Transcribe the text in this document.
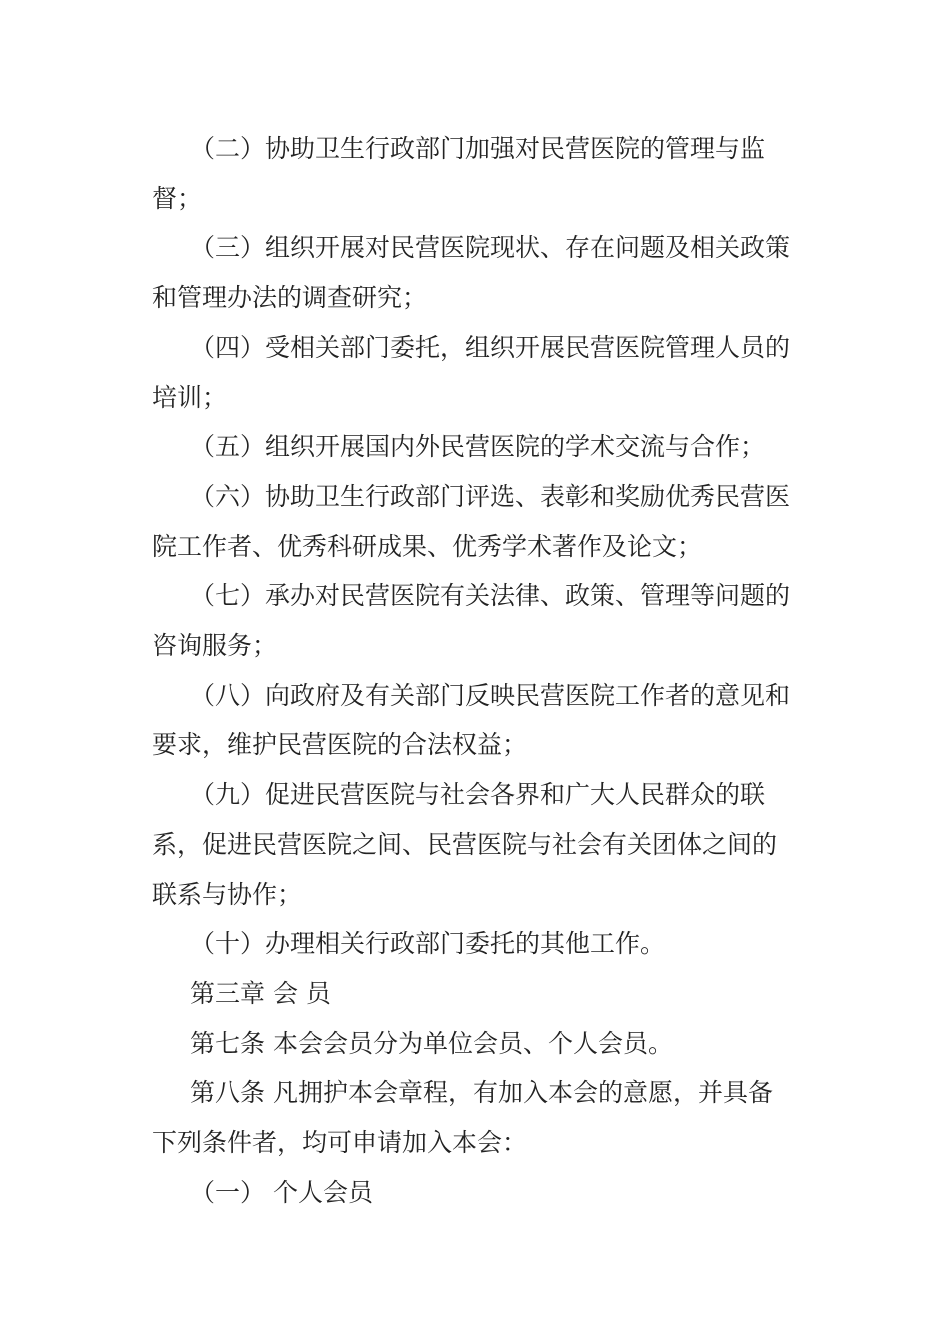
（二）协助卫生行政部门加强对民营医院的管理与监督；

（三）组织开展对民营医院现状、存在问题及相关政策和管理办法的调查研究；

（四）受相关部门委托，组织开展民营医院管理人员的培训；

（五）组织开展国内外民营医院的学术交流与合作；

（六）协助卫生行政部门评选、表彰和奖励优秀民营医院工作者、优秀科研成果、优秀学术著作及论文；

（七）承办对民营医院有关法律、政策、管理等问题的咨询服务；

（八）向政府及有关部门反映民营医院工作者的意见和要求，维护民营医院的合法权益；

（九）促进民营医院与社会各界和广大人民群众的联系，促进民营医院之间、民营医院与社会有关团体之间的联系与协作；

（十）办理相关行政部门委托的其他工作。

第三章 会 员

第七条 本会会员分为单位会员、个人会员。

第八条 凡拥护本会章程，有加入本会的意愿，并具备下列条件者，均可申请加入本会：

（一） 个人会员
